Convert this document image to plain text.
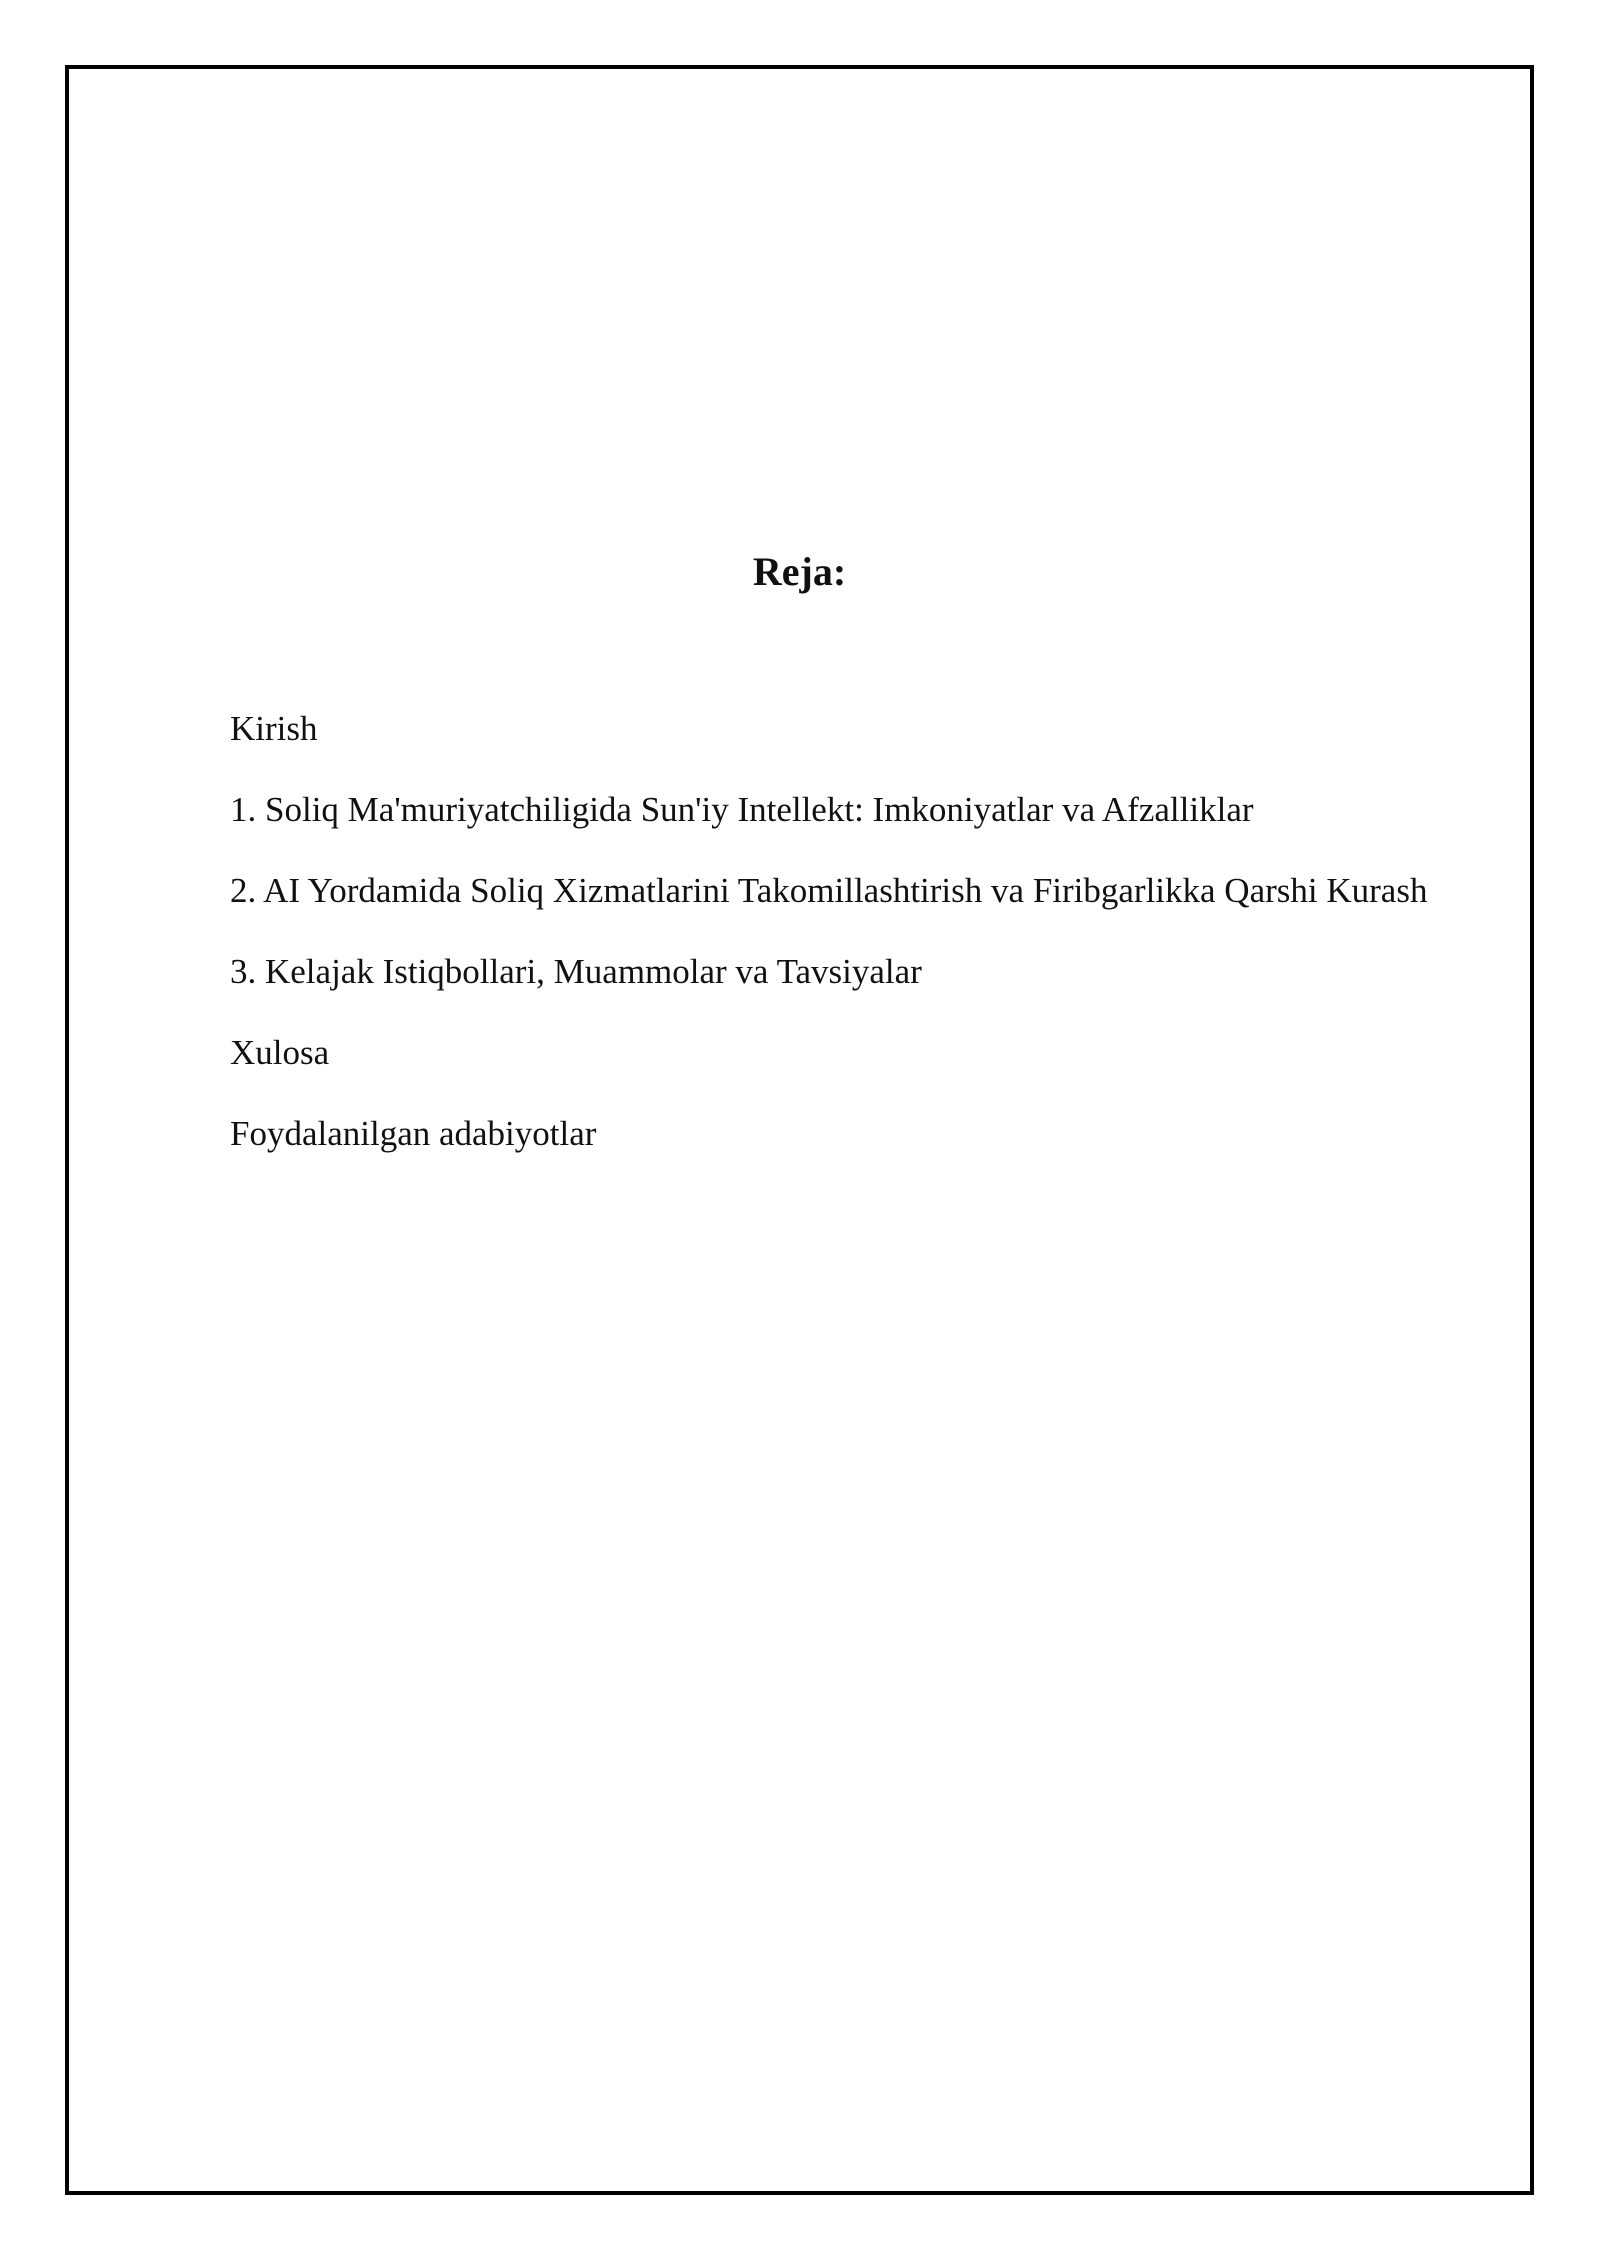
Reja:
Kirish
1. Soliq Ma'muriyatchiligida Sun'iy Intellekt: Imkoniyatlar va Afzalliklar
2. AI Yordamida Soliq Xizmatlarini Takomillashtirish va Firibgarlikka Qarshi Kurash
3. Kelajak Istiqbollari, Muammolar va Tavsiyalar
Xulosa
Foydalanilgan adabiyotlar
